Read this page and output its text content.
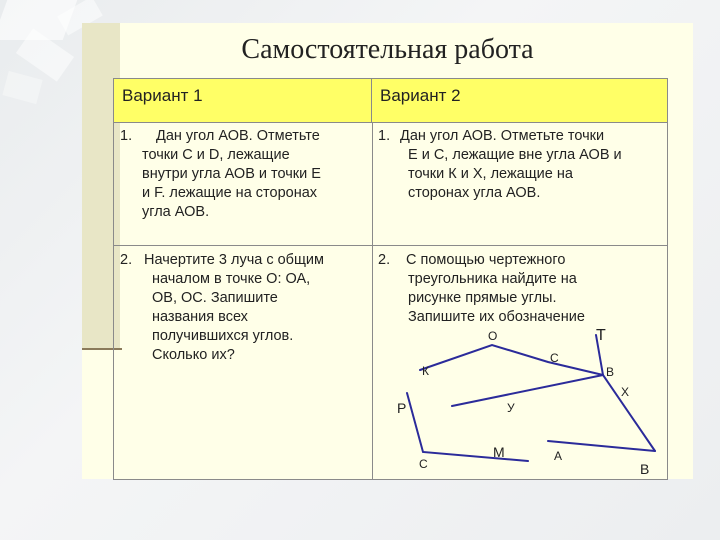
Самостоятельная работа
Вариант 1	Вариант 2
1. Дан угол АОВ. Отметьте
точки С и D, лежащие
внутри угла АОВ и точки Е
и F. лежащие на сторонах
угла АОВ.
1. Дан угол АОВ. Отметьте точки
Е и С, лежащие вне угла АОВ и
точки К и Х, лежащие на
сторонах угла АОВ.
2. Начертите 3 луча с общим
началом в точке О: ОА,
ОВ, ОС. Запишите
названия всех
получившихся углов.
Сколько их?
2. С помощью чертежного
треугольника найдите на
рисунке прямые углы.
Запишите их обозначение
О	Т
К
С
В
Х
Р	У
С
М	А
В
